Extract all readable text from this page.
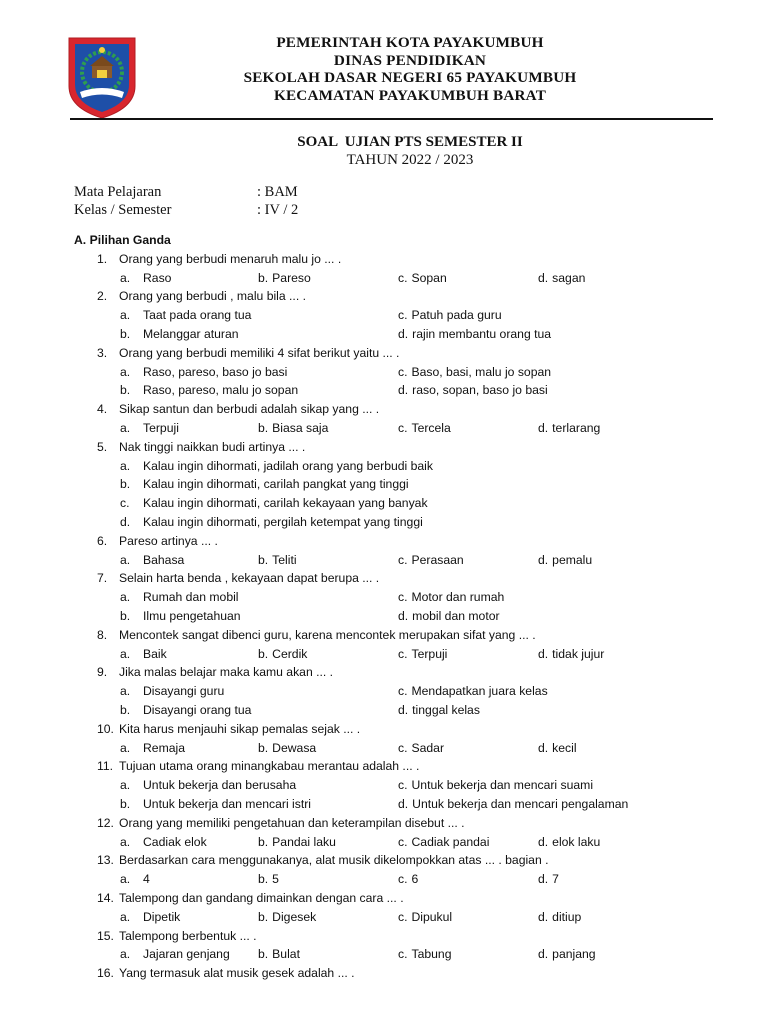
PEMERINTAH KOTA PAYAKUMBUH
DINAS PENDIDIKAN
SEKOLAH DASAR NEGERI 65 PAYAKUMBUH
KECAMATAN PAYAKUMBUH BARAT
SOAL  UJIAN PTS SEMESTER II
TAHUN 2022 / 2023
Mata Pelajaran	: BAM
Kelas / Semester	: IV / 2
A. Pilihan Ganda
1. Orang yang berbudi menaruh malu jo ... .
a. Raso	b. Pareso	c. Sopan	d. sagan
2. Orang yang berbudi , malu bila ... .
a. Taat pada orang tua	c. Patuh pada guru
b. Melanggar aturan	d. rajin membantu orang tua
3. Orang yang berbudi memiliki 4 sifat berikut yaitu ... .
a. Raso, pareso, baso jo basi	c. Baso, basi, malu jo sopan
b. Raso, pareso, malu jo sopan	d. raso, sopan, baso jo basi
4. Sikap santun dan berbudi adalah sikap yang ... .
a. Terpuji	b. Biasa saja	c. Tercela	d. terlarang
5. Nak tinggi naikkan budi artinya ... .
a. Kalau ingin dihormati, jadilah orang yang berbudi baik
b. Kalau ingin dihormati, carilah pangkat yang tinggi
c. Kalau ingin dihormati, carilah kekayaan yang banyak
d. Kalau ingin dihormati, pergilah ketempat yang tinggi
6. Pareso artinya ... .
a. Bahasa	b. Teliti	c. Perasaan	d. pemalu
7. Selain harta benda , kekayaan dapat berupa ... .
a. Rumah dan mobil	c. Motor dan rumah
b. Ilmu pengetahuan	d. mobil dan motor
8. Mencontek sangat dibenci guru, karena mencontek merupakan sifat yang ... .
a. Baik	b. Cerdik	c. Terpuji	d. tidak jujur
9. Jika malas belajar maka kamu akan ... .
a. Disayangi guru	c. Mendapatkan juara kelas
b. Disayangi orang tua	d. tinggal kelas
10. Kita harus menjauhi sikap pemalas sejak ... .
a. Remaja	b. Dewasa	c. Sadar	d. kecil
11. Tujuan utama orang minangkabau merantau adalah ... .
a. Untuk bekerja dan berusaha	c. Untuk bekerja dan mencari suami
b. Untuk bekerja dan mencari istri	d. Untuk bekerja dan mencari pengalaman
12. Orang yang memiliki pengetahuan dan keterampilan disebut ... .
a. Cadiak elok	b. Pandai laku	c. Cadiak pandai	d. elok laku
13. Berdasarkan cara menggunakanya, alat musik dikelompokkan atas ... . bagian .
a. 4	b. 5	c. 6	d. 7
14. Talempong dan gandang dimainkan dengan cara ... .
a. Dipetik	b. Digesek	c. Dipukul	d. ditiup
15. Talempong berbentuk ... .
a. Jajaran genjang b. Bulat	c. Tabung	d. panjang
16. Yang termasuk alat musik gesek adalah ... .
